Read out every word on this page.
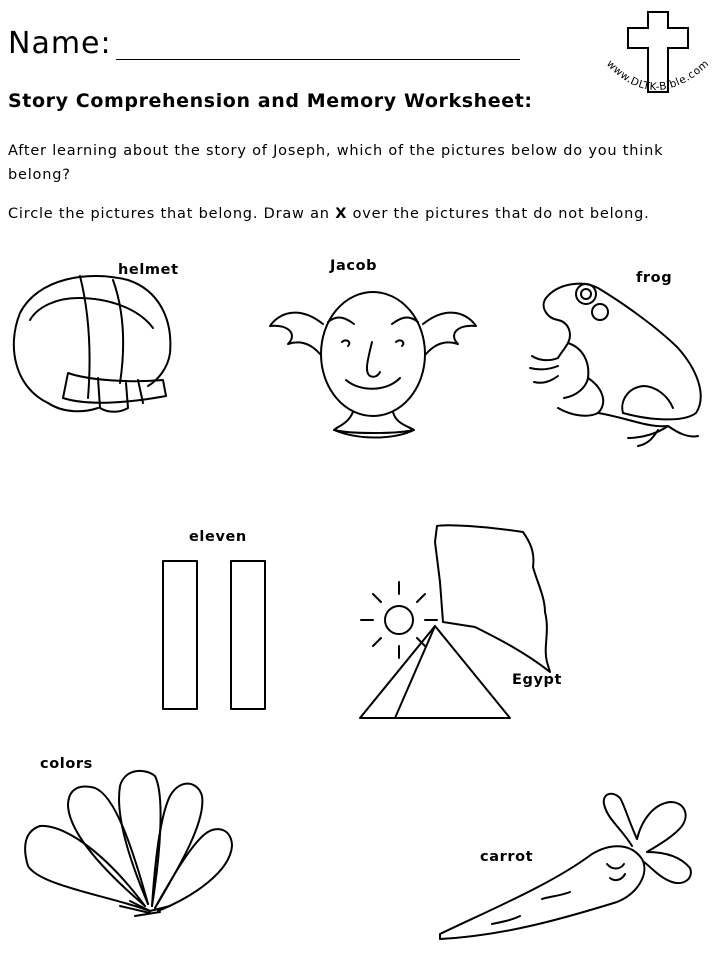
Name:
www.DLTK-Bible.com
Story Comprehension and Memory Worksheet:
After learning about the story of Joseph, which of the pictures below do you think belong?
Circle the pictures that belong. Draw an X over the pictures that do not belong.
helmet	Jacob
frog
eleven
Egypt
colors
carrot
